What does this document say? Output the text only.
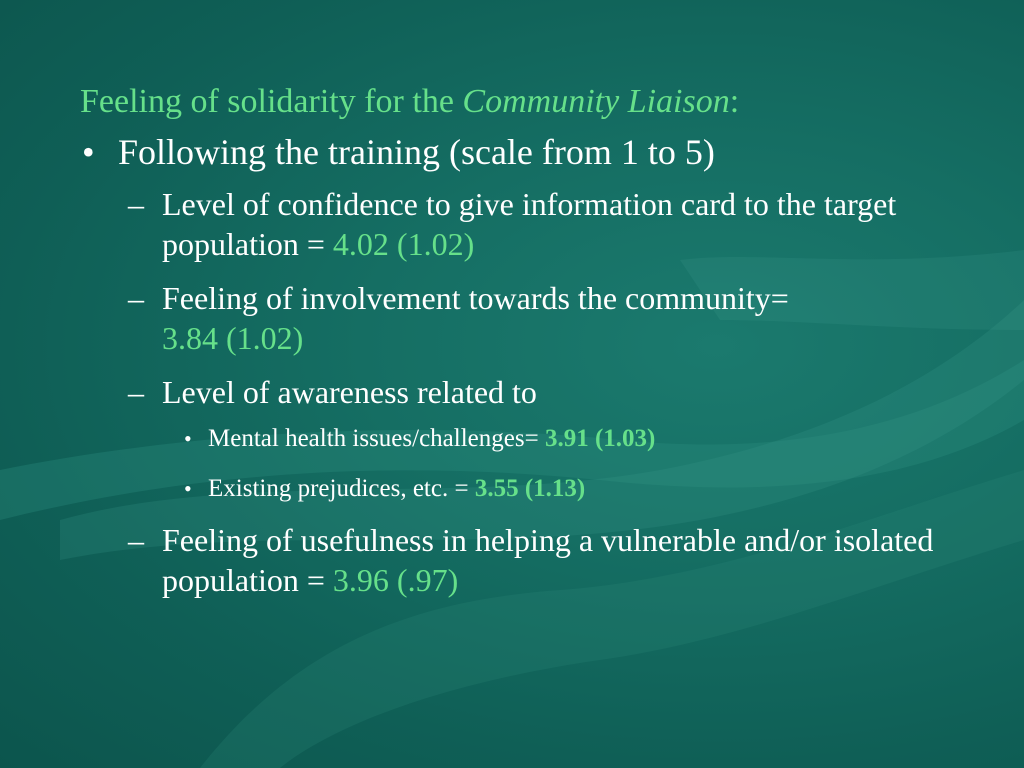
Feeling of solidarity for the Community Liaison:
• Following the training (scale from 1 to 5)
– Level of confidence to give information card to the target population = 4.02 (1.02)
– Feeling of involvement towards the community=
3.84 (1.02)
– Level of awareness related to
• Mental health issues/challenges= 3.91 (1.03)
• Existing prejudices, etc. = 3.55 (1.13)
– Feeling of usefulness in helping a vulnerable and/or isolated population = 3.96 (.97)
